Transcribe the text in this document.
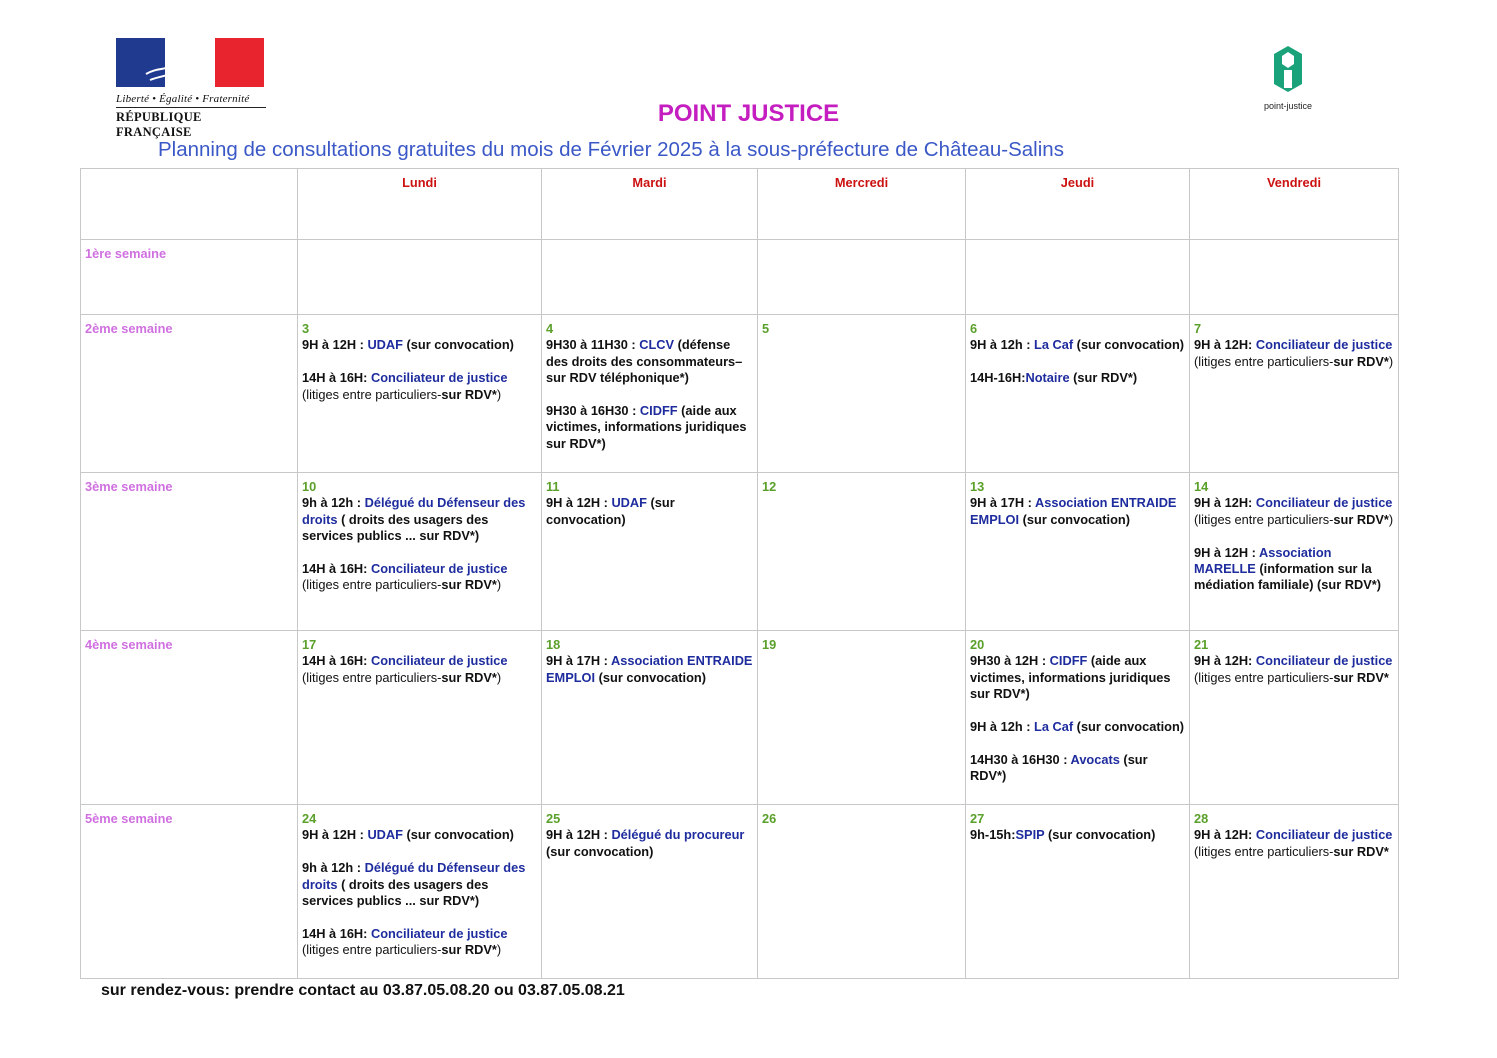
Liberté • Égalité • Fraternité
RÉPUBLIQUE FRANÇAISE
point-justice
POINT JUSTICE
Planning de consultations gratuites du mois de Février 2025 à la sous-préfecture de Château-Salins
	Lundi	Mardi	Mercredi	Jeudi	Vendredi
1ère semaine					
2ème semaine	3
9H à 12H : UDAF (sur convocation)
14H à 16H: Conciliateur de justice (litiges entre particuliers-sur RDV*)	4
9H30 à 11H30 : CLCV (défense des droits des consommateurs– sur RDV téléphonique*)
9H30 à 16H30 : CIDFF (aide aux victimes, informations juridiques sur RDV*)	5	6
9H à 12h : La Caf (sur convocation)
14H-16H:Notaire (sur RDV*)	7
9H à 12H: Conciliateur de justice (litiges entre particuliers-sur RDV*)
3ème semaine	10
9h à 12h : Délégué du Défenseur des droits ( droits des usagers des services publics ... sur RDV*)
14H à 16H: Conciliateur de justice (litiges entre particuliers-sur RDV*)	11
9H à 12H : UDAF (sur convocation)	12	13
9H à 17H : Association ENTRAIDE EMPLOI (sur convocation)	14
9H à 12H: Conciliateur de justice (litiges entre particuliers-sur RDV*)
9H à 12H : Association MARELLE (information sur la médiation familiale) (sur RDV*)
4ème semaine	17
14H à 16H: Conciliateur de justice (litiges entre particuliers-sur RDV*)	18
9H à 17H : Association ENTRAIDE EMPLOI (sur convocation)	19	20
9H30 à 12H : CIDFF (aide aux victimes, informations juridiques sur RDV*)
9H à 12h : La Caf (sur convocation)
14H30 à 16H30 : Avocats (sur RDV*)	21
9H à 12H: Conciliateur de justice (litiges entre particuliers-sur RDV*
5ème semaine	24
9H à 12H : UDAF (sur convocation)
9h à 12h : Délégué du Défenseur des droits ( droits des usagers des services publics ... sur RDV*)
14H à 16H: Conciliateur de justice (litiges entre particuliers-sur RDV*)	25
9H à 12H : Délégué du procureur (sur convocation)	26	27
9h-15h:SPIP (sur convocation)	28
9H à 12H: Conciliateur de justice (litiges entre particuliers-sur RDV*
sur rendez-vous: prendre contact au 03.87.05.08.20 ou 03.87.05.08.21
